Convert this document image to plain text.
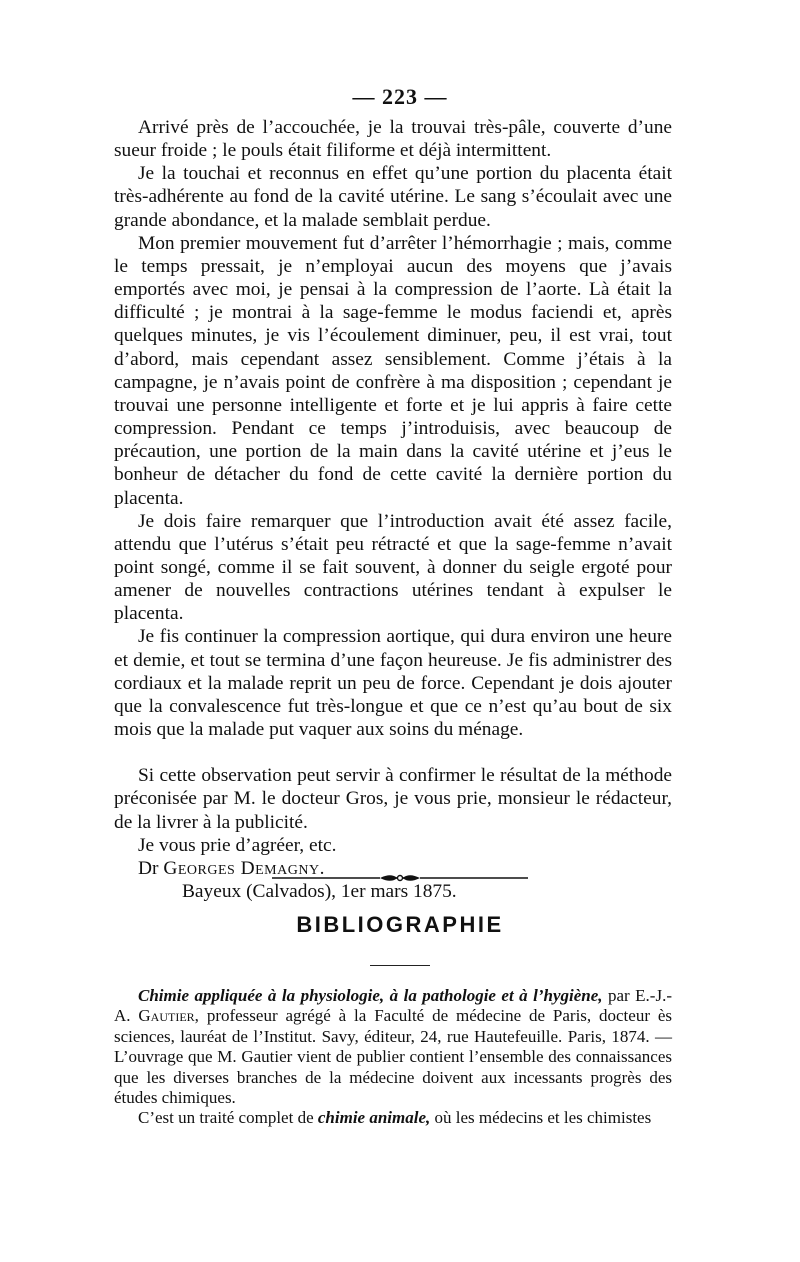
— 223 —

Arrivé près de l’accouchée, je la trouvai très-pâle, couverte d’une sueur froide ; le pouls était filiforme et déjà intermittent.

Je la touchai et reconnus en effet qu’une portion du placenta était très-adhérente au fond de la cavité utérine. Le sang s’écoulait avec une grande abondance, et la malade semblait perdue.

Mon premier mouvement fut d’arrêter l’hémorrhagie ; mais, comme le temps pressait, je n’employai aucun des moyens que j’avais emportés avec moi, je pensai à la compression de l’aorte. Là était la difficulté ; je montrai à la sage-femme le modus faciendi et, après quelques minutes, je vis l’écoulement diminuer, peu, il est vrai, tout d’abord, mais cependant assez sensiblement. Comme j’étais à la campagne, je n’avais point de confrère à ma disposition ; cependant je trouvai une personne intelligente et forte et je lui appris à faire cette compression. Pendant ce temps j’introduisis, avec beaucoup de précaution, une portion de la main dans la cavité utérine et j’eus le bonheur de détacher du fond de cette cavité la dernière portion du placenta.

Je dois faire remarquer que l’introduction avait été assez facile, attendu que l’utérus s’était peu rétracté et que la sage-femme n’avait point songé, comme il se fait souvent, à donner du seigle ergoté pour amener de nouvelles contractions utérines tendant à expulser le placenta.

Je fis continuer la compression aortique, qui dura environ une heure et demie, et tout se termina d’une façon heureuse. Je fis administrer des cordiaux et la malade reprit un peu de force. Cependant je dois ajouter que la convalescence fut très-longue et que ce n’est qu’au bout de six mois que la malade put vaquer aux soins du ménage.

Si cette observation peut servir à confirmer le résultat de la méthode préconisée par M. le docteur Gros, je vous prie, monsieur le rédacteur, de la livrer à la publicité.

Je vous prie d’agréer, etc.

Dr Georges Demagny.

Bayeux (Calvados), 1er mars 1875.

BIBLIOGRAPHIE

Chimie appliquée à la physiologie, à la pathologie et à l’hygiène, par E.-J.-A. Gautier, professeur agrégé à la Faculté de médecine de Paris, docteur ès sciences, lauréat de l’Institut. Savy, éditeur, 24, rue Hautefeuille. Paris, 1874. — L’ouvrage que M. Gautier vient de publier contient l’ensemble des connaissances que les diverses branches de la médecine doivent aux incessants progrès des études chimiques.

C’est un traité complet de chimie animale, où les médecins et les chimistes
